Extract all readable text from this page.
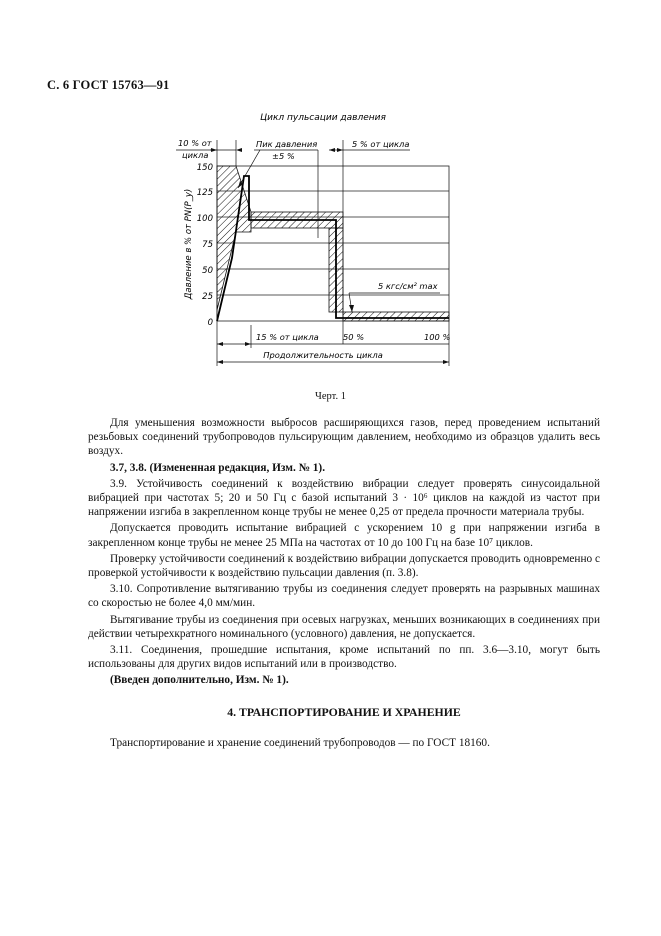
С. 6 ГОСТ 15763—91
Цикл пульсации давления
150
125
100
75
50
25
0
Давление в % от PN(P_у)
10 % от
цикла
Пик давления
±5 %
5 % от цикла
5 кгс/см² max
15 % от цикла	50 %	100 %
Продолжительность цикла
Черт. 1

Для уменьшения возможности выбросов расширяющихся газов, перед проведением испытаний резьбовых соединений трубопроводов пульсирующим давлением, необходимо из образцов удалить весь воздух.

3.7, 3.8. (Измененная редакция, Изм. № 1).

3.9. Устойчивость соединений к воздействию вибрации следует проверять синусоидальной вибрацией при частотах 5; 20 и 50 Гц с базой испытаний 3 · 10⁶ циклов на каждой из частот при напряжении изгиба в закрепленном конце трубы не менее 0,25 от предела прочности материала трубы.

Допускается проводить испытание вибрацией с ускорением 10 g при напряжении изгиба в закрепленном конце трубы не менее 25 МПа на частотах от 10 до 100 Гц на базе 10⁷ циклов.

Проверку устойчивости соединений к воздействию вибрации допускается проводить одновременно с проверкой устойчивости к воздействию пульсации давления (п. 3.8).

3.10. Сопротивление вытягиванию трубы из соединения следует проверять на разрывных машинах со скоростью не более 4,0 мм/мин.

Вытягивание трубы из соединения при осевых нагрузках, меньших возникающих в соединениях при действии четырехкратного номинального (условного) давления, не допускается.

3.11. Соединения, прошедшие испытания, кроме испытаний по пп. 3.6—3.10, могут быть использованы для других видов испытаний или в производство.

(Введен дополнительно, Изм. № 1).

4. ТРАНСПОРТИРОВАНИЕ И ХРАНЕНИЕ

Транспортирование и хранение соединений трубопроводов — по ГОСТ 18160.
